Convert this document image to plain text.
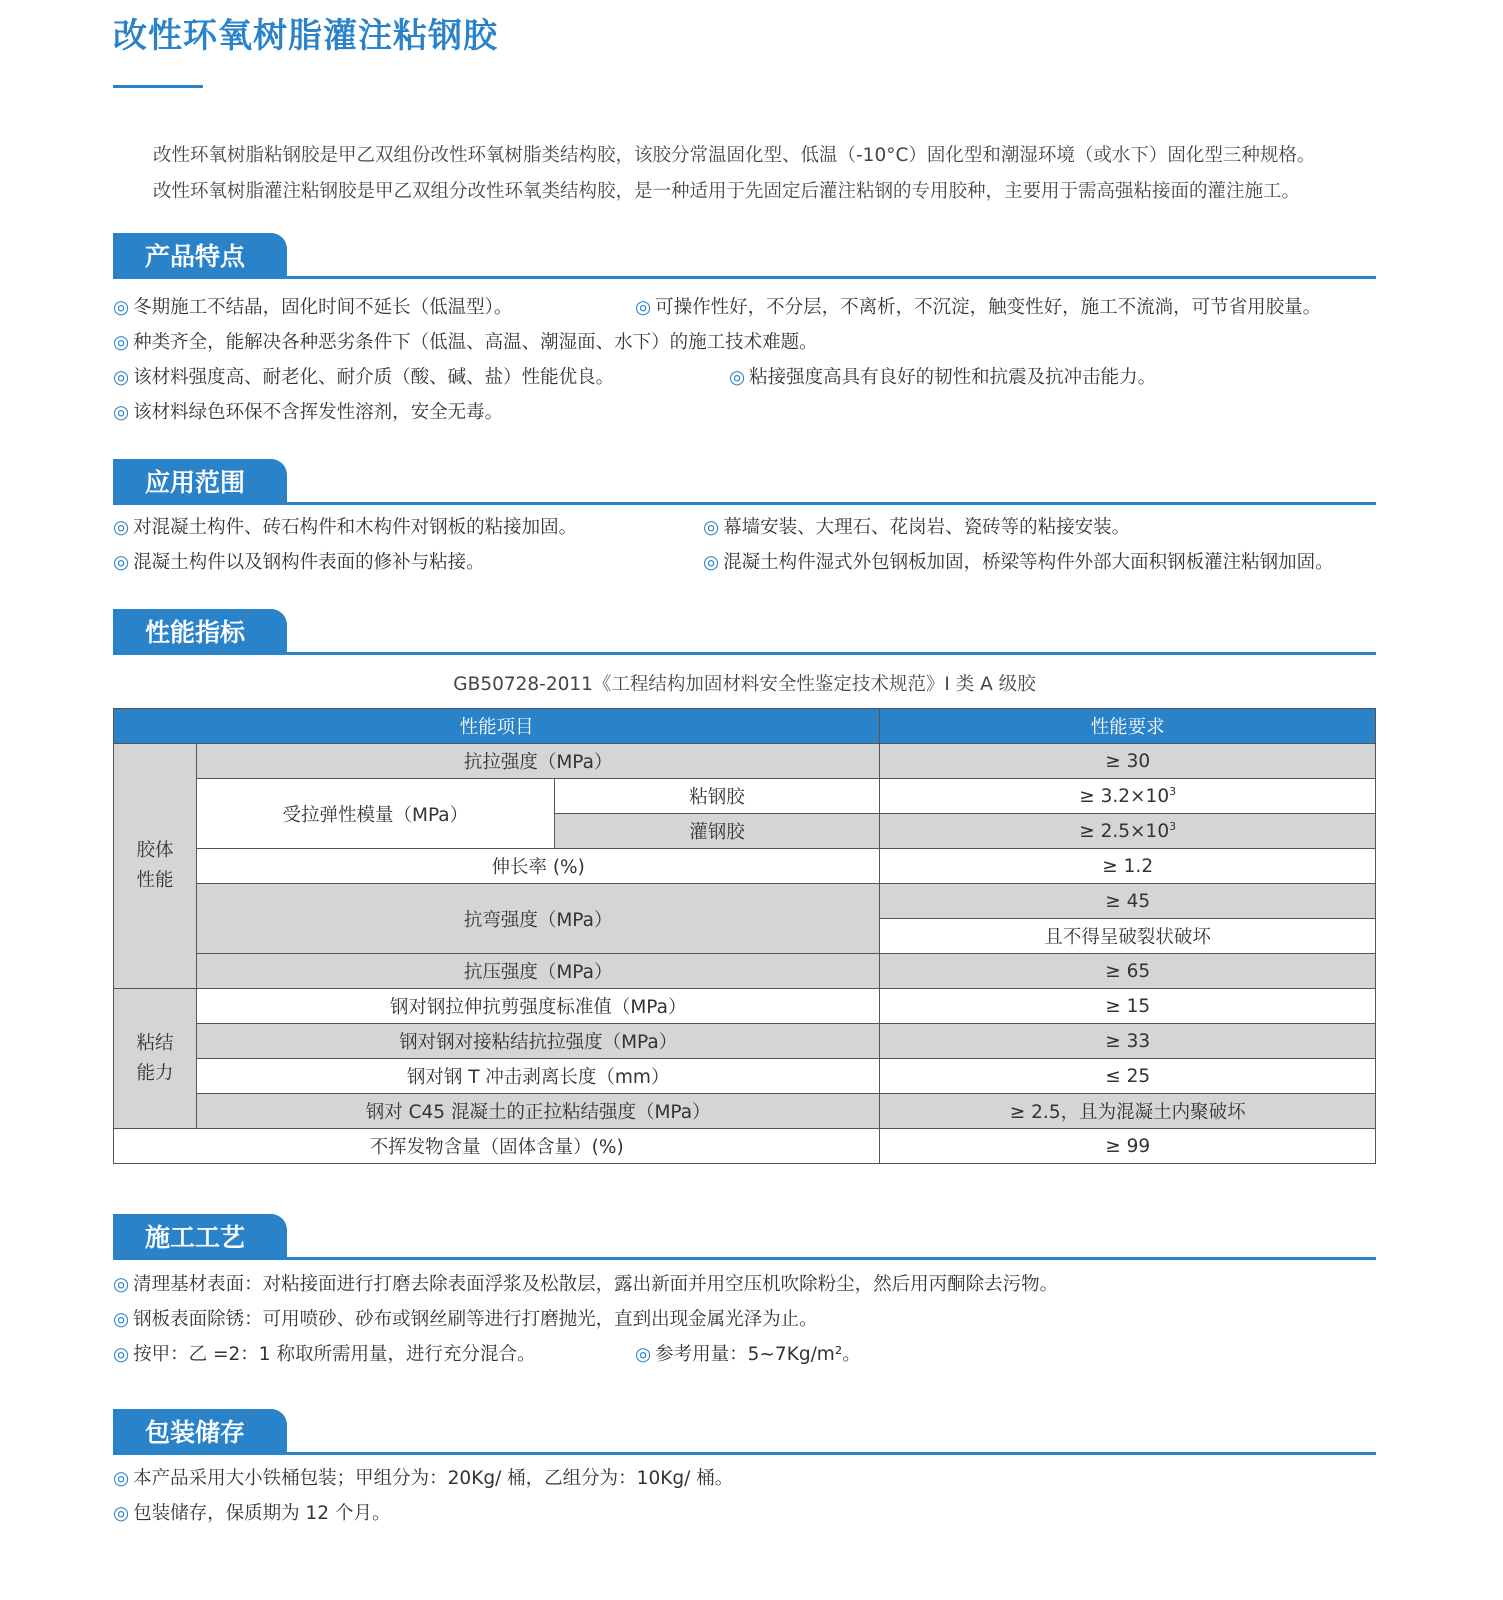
改性环氧树脂灌注粘钢胶
改性环氧树脂粘钢胶是甲乙双组份改性环氧树脂类结构胶，该胶分常温固化型、低温（-10°C）固化型和潮湿环境（或水下）固化型三种规格。
改性环氧树脂灌注粘钢胶是甲乙双组分改性环氧类结构胶，是一种适用于先固定后灌注粘钢的专用胶种，主要用于需高强粘接面的灌注施工。
产品特点
◎ 冬期施工不结晶，固化时间不延长（低温型）。	◎ 可操作性好，不分层，不离析，不沉淀，触变性好，施工不流淌，可节省用胶量。
◎ 种类齐全，能解决各种恶劣条件下（低温、高温、潮湿面、水下）的施工技术难题。
◎ 该材料强度高、耐老化、耐介质（酸、碱、盐）性能优良。	◎ 粘接强度高具有良好的韧性和抗震及抗冲击能力。
◎ 该材料绿色环保不含挥发性溶剂，安全无毒。
应用范围
◎ 对混凝土构件、砖石构件和木构件对钢板的粘接加固。	◎ 幕墙安装、大理石、花岗岩、瓷砖等的粘接安装。
◎ 混凝土构件以及钢构件表面的修补与粘接。	◎ 混凝土构件湿式外包钢板加固，桥梁等构件外部大面积钢板灌注粘钢加固。
性能指标
GB50728-2011《工程结构加固材料安全性鉴定技术规范》I 类 A 级胶
性能项目			性能要求
胶体
性能	抗拉强度（MPa）		≥ 30
	受拉弹性模量（MPa）	粘钢胶	≥ $3.2\times 10^3$
		灌钢胶	≥ $2.5\times 10^3$
	伸长率 (%)		≥ 1.2
	抗弯强度（MPa）		≥ 45
			且不得呈破裂状破坏
	抗压强度（MPa）		≥ 65
粘结
能力	钢对钢拉伸抗剪强度标准值（MPa）		≥ 15
	钢对钢对接粘结抗拉强度（MPa）		≥ 33
	钢对钢 T 冲击剥离长度（mm）		≤ 25
	钢对 C45 混凝土的正拉粘结强度（MPa）		≥ 2.5，且为混凝土内聚破坏
不挥发物含量（固体含量）(%)			≥ 99
施工工艺
◎ 清理基材表面：对粘接面进行打磨去除表面浮浆及松散层，露出新面并用空压机吹除粉尘，然后用丙酮除去污物。
◎ 钢板表面除锈：可用喷砂、砂布或钢丝刷等进行打磨抛光，直到出现金属光泽为止。
◎ 按甲：乙 =2：1 称取所需用量，进行充分混合。	◎ 参考用量：5~7Kg/m²。
包装储存
◎ 本产品采用大小铁桶包装；甲组分为：20Kg/ 桶，乙组分为：10Kg/ 桶。
◎ 包装储存，保质期为 12 个月。
